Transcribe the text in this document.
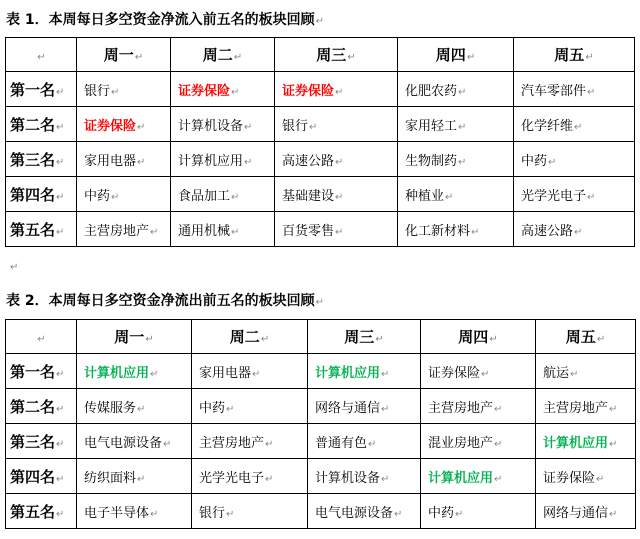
表 1．本周每日多空资金净流入前五名的板块回顾↵
↵	周一↵	周二↵	周三↵	周四↵	周五↵
第一名↵	银行↵	证券保险↵	证券保险↵	化肥农药↵	汽车零部件↵
第二名↵	证券保险↵	计算机设备↵	银行↵	家用轻工↵	化学纤维↵
第三名↵	家用电器↵	计算机应用↵	高速公路↵	生物制药↵	中药↵
第四名↵	中药↵	食品加工↵	基础建设↵	种植业↵	光学光电子↵
第五名↵	主营房地产↵	通用机械↵	百货零售↵	化工新材料↵	高速公路↵
↵
表 2．本周每日多空资金净流出前五名的板块回顾↵
↵	周一↵	周二↵	周三↵	周四↵	周五↵
第一名↵	计算机应用↵	家用电器↵	计算机应用↵	证券保险↵	航运↵
第二名↵	传媒服务↵	中药↵	网络与通信↵	主营房地产↵	主营房地产↵
第三名↵	电气电源设备↵	主营房地产↵	普通有色↵	混业房地产↵	计算机应用↵
第四名↵	纺织面料↵	光学光电子↵	计算机设备↵	计算机应用↵	证券保险↵
第五名↵	电子半导体↵	银行↵	电气电源设备↵	中药↵	网络与通信↵
